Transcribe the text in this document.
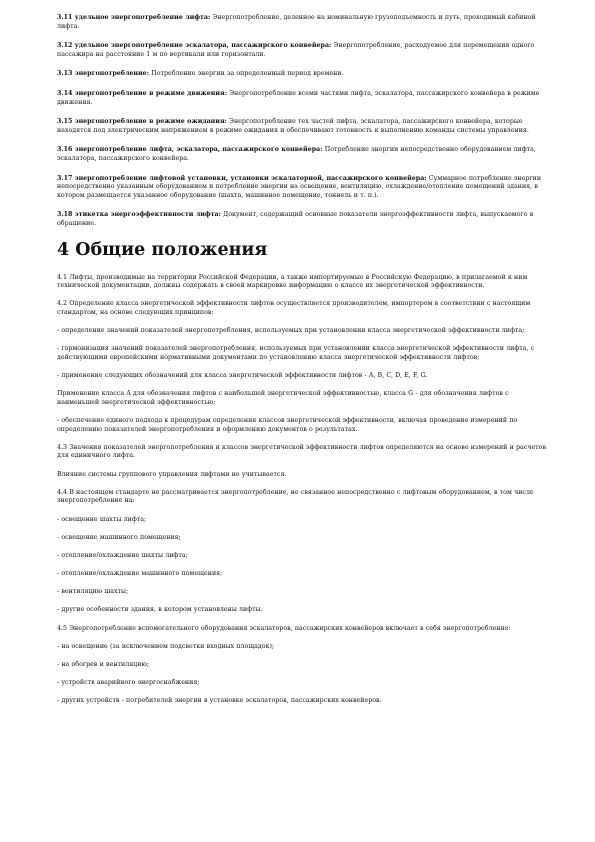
3.11 удельное энергопотребление лифта: Энергопотребление, деленное на номинальную грузоподъемность и путь, проходимый кабиной лифта.

3.12 удельное энергопотребление эскалатора, пассажирского конвейера: Энергопотребление, расходуемое для перемещения одного пассажира на расстояние 1 м по вертикали или горизонтали.

3.13 энергопотребление: Потребление энергии за определенный период времени.

3.14 энергопотребление в режиме движения: Энергопотребление всеми частями лифта, эскалатора, пассажирского конвейера в режиме движения.

3.15 энергопотребление в режиме ожидания: Энергопотребление тех частей лифта, эскалатора, пассажирского конвейера, которые находятся под электрическим напряжением в режиме ожидания и обеспечивают готовность к выполнению команды системы управления.

3.16 энергопотребление лифта, эскалатора, пассажирского конвейера: Потребление энергии непосредственно оборудованием лифта, эскалатора, пассажирского конвейера.

3.17 энергопотребление лифтовой установки, установки эскалаторной, пассажирского конвейера: Суммарное потребление энергии непосредственно указанным оборудованием и потребление энергии на освещение, вентиляцию, охлаждение/отопление помещений здания, в котором размещается указанное оборудование (шахта, машинное помещение, тоннель и т. п.).

3.18 этикетка энергоэффективности лифта: Документ, содержащий основные показатели энергоэффективности лифта, выпускаемого в обращение.

4 Общие положения

4.1 Лифты, производимые на территории Российской Федерации, а также импортируемые в Российскую Федерацию, в прилагаемой к ним технической документации, должны содержать в своей маркировке информацию о классе их энергетической эффективности.

4.2 Определение класса энергетической эффективности лифтов осуществляется производителем, импортером в соответствии с настоящим стандартом, на основе следующих принципов:

- определение значений показателей энергопотребления, используемых при установлении класса энергетической эффективности лифта;

- гармонизация значений показателей энергопотребления, используемых при установлении класса энергетической эффективности лифта, с действующими европейскими нормативными документами по установлению класса энергетической эффективности лифтов;

- применение следующих обозначений для класса энергетической эффективности лифтов - A, B, C, D, E, F, G.

Применение класса A для обозначения лифтов с наибольшей энергетической эффективностью, класса G - для обозначения лифтов с наименьшей энергетической эффективностью;

- обеспечение единого подхода к процедурам определения классов энергетической эффективности, включая проведение измерений по определению показателей энергопотребления и оформлению документов о результатах.

4.3 Значения показателей энергопотребления и классов энергетической эффективности лифтов определяются на основе измерений и расчетов для единичного лифта.

Влияние системы группового управления лифтами не учитывается.

4.4 В настоящем стандарте не рассматривается энергопотребление, не связанное непосредственно с лифтовым оборудованием, в том числе энергопотребление на:

- освещение шахты лифта;

- освещение машинного помещения;

- отопление/охлаждение шахты лифта;

- отопление/охлаждение машинного помещения;

- вентиляцию шахты;

- другие особенности здания, в котором установлены лифты.

4.5 Энергопотребление вспомогательного оборудования эскалаторов, пассажирских конвейеров включает в себя энергопотребление:

- на освещение (за исключением подсветки входных площадок);

- на обогрев и вентиляцию;

- устройств аварийного энергоснабжения;

- других устройств - потребителей энергии в установке эскалаторов, пассажирских конвейеров.
